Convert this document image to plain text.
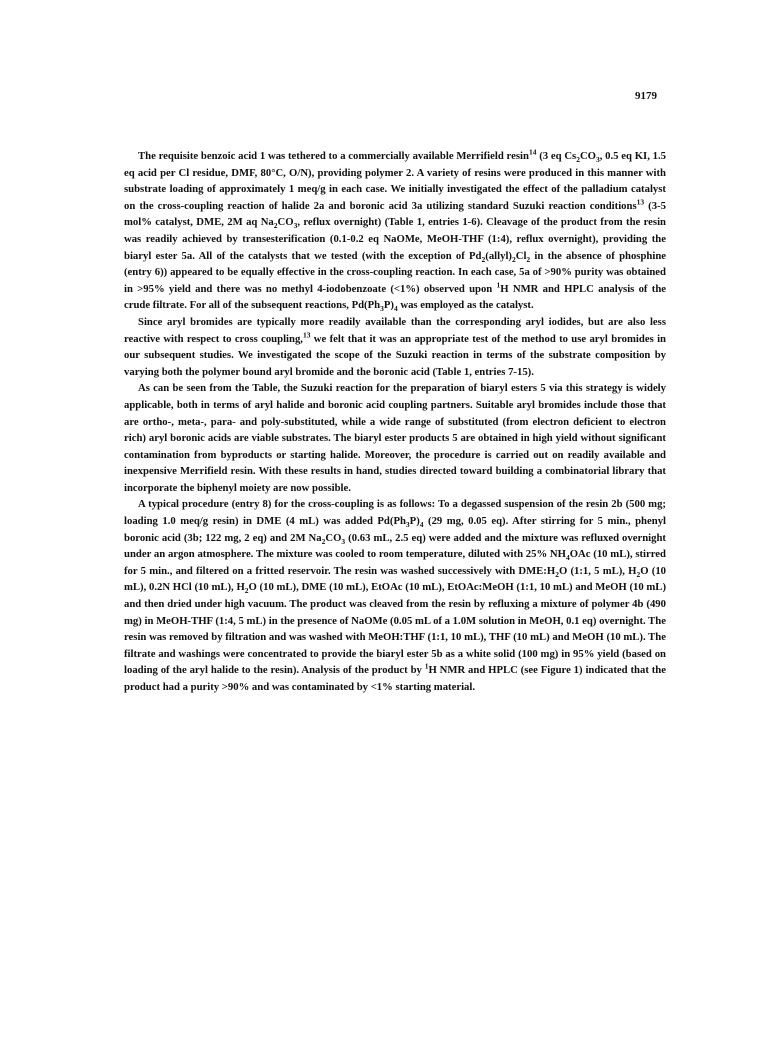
9179

The requisite benzoic acid 1 was tethered to a commercially available Merrifield resin$^{14}$ (3 eq $Cs_2CO_3$, 0.5 eq KI, 1.5 eq acid per Cl residue, DMF, 80°C, O/N), providing polymer 2. A variety of resins were produced in this manner with substrate loading of approximately 1 meq/g in each case. We initially investigated the effect of the palladium catalyst on the cross-coupling reaction of halide 2a and boronic acid 3a utilizing standard Suzuki reaction conditions$^{13}$ (3-5 mol% catalyst, DME, 2M aq $Na_2CO_3$, reflux overnight) (Table 1, entries 1-6). Cleavage of the product from the resin was readily achieved by transesterification (0.1-0.2 eq NaOMe, MeOH-THF (1:4), reflux overnight), providing the biaryl ester 5a. All of the catalysts that we tested (with the exception of $Pd_2(allyl)_2Cl_2$ in the absence of phosphine (entry 6)) appeared to be equally effective in the cross-coupling reaction. In each case, 5a of >90% purity was obtained in >95% yield and there was no methyl 4-iodobenzoate (<1%) observed upon $^1$H NMR and HPLC analysis of the crude filtrate. For all of the subsequent reactions, $Pd(Ph_3P)_4$ was employed as the catalyst.

Since aryl bromides are typically more readily available than the corresponding aryl iodides, but are also less reactive with respect to cross coupling,$^{13}$ we felt that it was an appropriate test of the method to use aryl bromides in our subsequent studies. We investigated the scope of the Suzuki reaction in terms of the substrate composition by varying both the polymer bound aryl bromide and the boronic acid (Table 1, entries 7-15).

As can be seen from the Table, the Suzuki reaction for the preparation of biaryl esters 5 via this strategy is widely applicable, both in terms of aryl halide and boronic acid coupling partners. Suitable aryl bromides include those that are ortho-, meta-, para- and poly-substituted, while a wide range of substituted (from electron deficient to electron rich) aryl boronic acids are viable substrates. The biaryl ester products 5 are obtained in high yield without significant contamination from byproducts or starting halide. Moreover, the procedure is carried out on readily available and inexpensive Merrifield resin. With these results in hand, studies directed toward building a combinatorial library that incorporate the biphenyl moiety are now possible.

A typical procedure (entry 8) for the cross-coupling is as follows: To a degassed suspension of the resin 2b (500 mg; loading 1.0 meq/g resin) in DME (4 mL) was added $Pd(Ph_3P)_4$ (29 mg, 0.05 eq). After stirring for 5 min., phenyl boronic acid (3b; 122 mg, 2 eq) and 2M $Na_2CO_3$ (0.63 mL, 2.5 eq) were added and the mixture was refluxed overnight under an argon atmosphere. The mixture was cooled to room temperature, diluted with 25% $NH_4OAc$ (10 mL), stirred for 5 min., and filtered on a fritted reservoir. The resin was washed successively with $DME:H_2O$ (1:1, 5 mL), $H_2O$ (10 mL), 0.2N HCl (10 mL), $H_2O$ (10 mL), DME (10 mL), EtOAc (10 mL), EtOAc:MeOH (1:1, 10 mL) and MeOH (10 mL) and then dried under high vacuum. The product was cleaved from the resin by refluxing a mixture of polymer 4b (490 mg) in MeOH-THF (1:4, 5 mL) in the presence of NaOMe (0.05 mL of a 1.0M solution in MeOH, 0.1 eq) overnight. The resin was removed by filtration and was washed with MeOH:THF (1:1, 10 mL), THF (10 mL) and MeOH (10 mL). The filtrate and washings were concentrated to provide the biaryl ester 5b as a white solid (100 mg) in 95% yield (based on loading of the aryl halide to the resin). Analysis of the product by $^1$H NMR and HPLC (see Figure 1) indicated that the product had a purity >90% and was contaminated by <1% starting material.
